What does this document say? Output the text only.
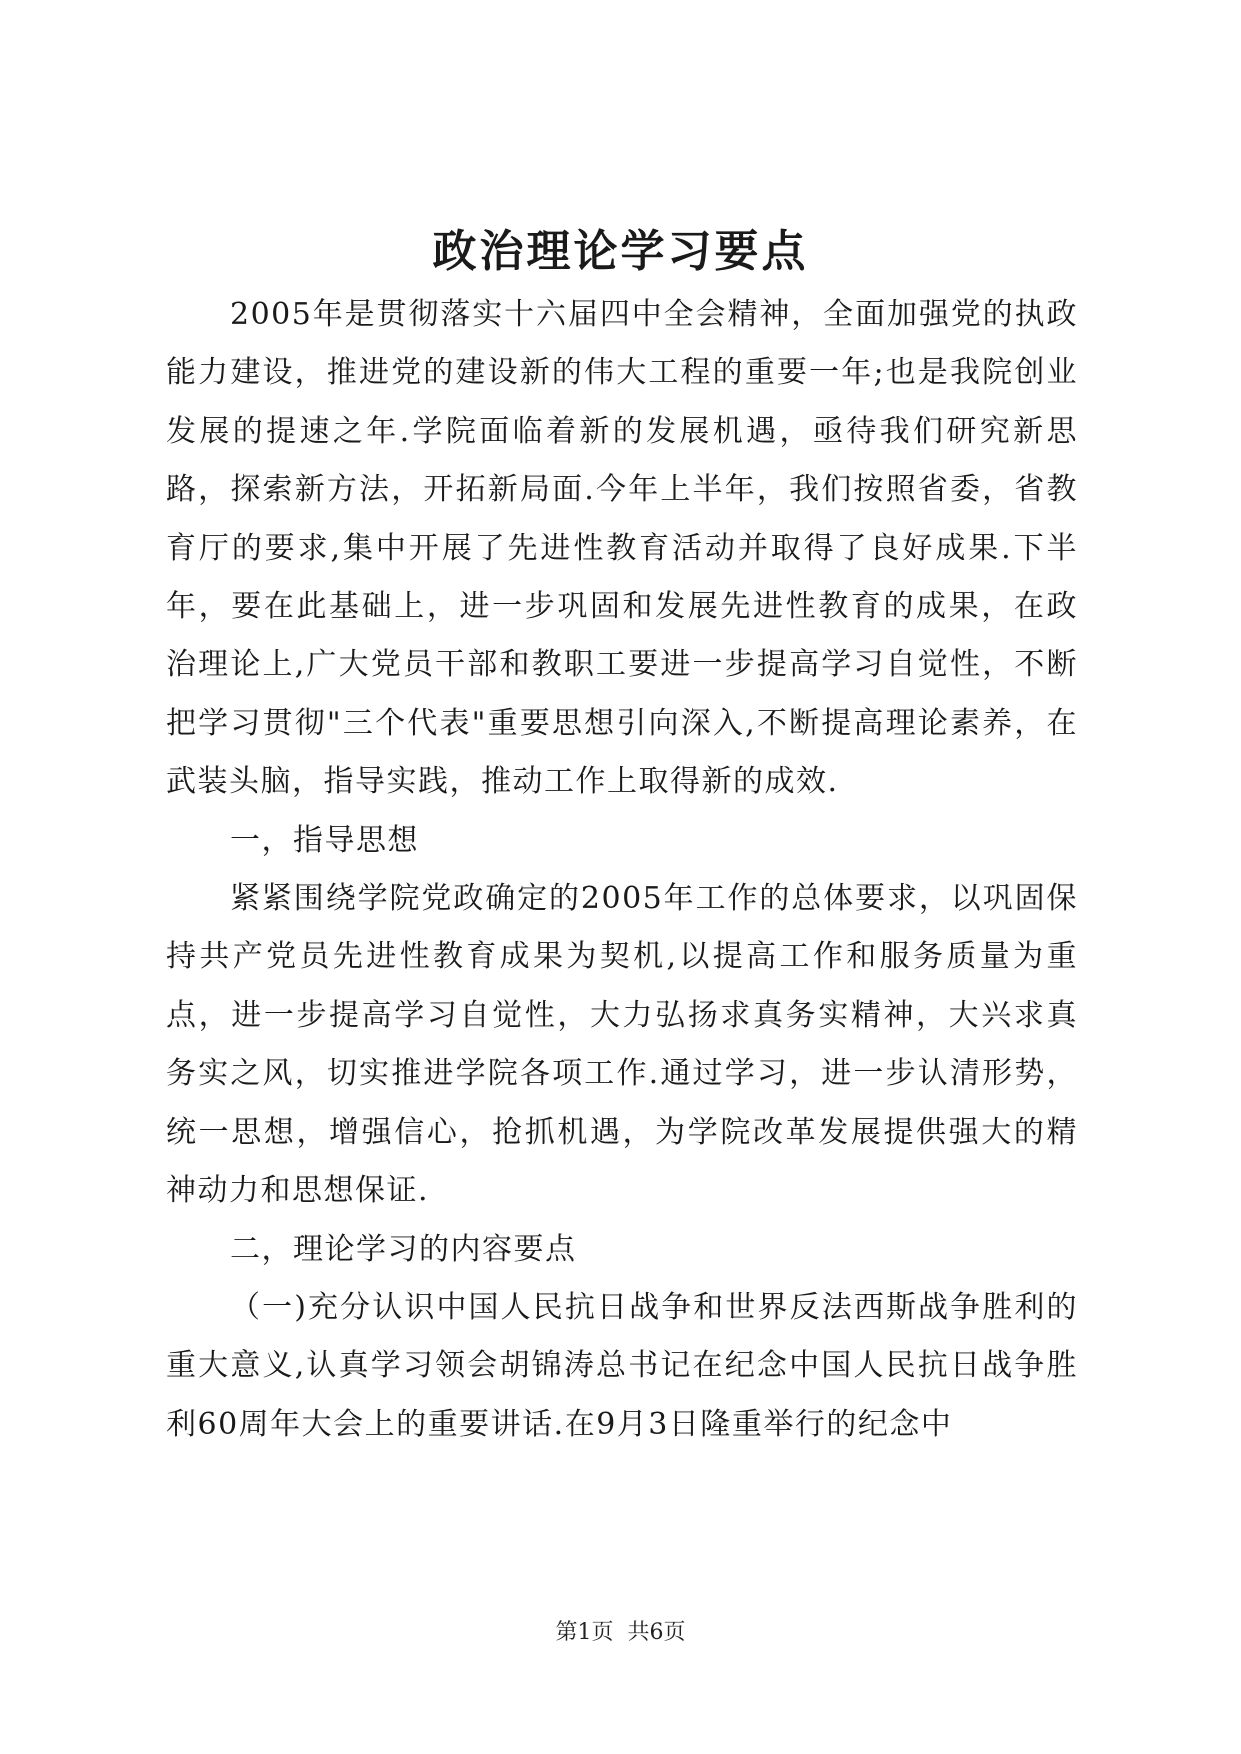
政治理论学习要点

2005年是贯彻落实十六届四中全会精神，全面加强党的执政能力建设，推进党的建设新的伟大工程的重要一年;也是我院创业发展的提速之年.学院面临着新的发展机遇，亟待我们研究新思路，探索新方法，开拓新局面.今年上半年，我们按照省委，省教育厅的要求,集中开展了先进性教育活动并取得了良好成果.下半年，要在此基础上，进一步巩固和发展先进性教育的成果，在政治理论上,广大党员干部和教职工要进一步提高学习自觉性，不断把学习贯彻"三个代表"重要思想引向深入,不断提高理论素养，在武装头脑，指导实践，推动工作上取得新的成效.

一，指导思想

紧紧围绕学院党政确定的2005年工作的总体要求，以巩固保持共产党员先进性教育成果为契机,以提高工作和服务质量为重点，进一步提高学习自觉性，大力弘扬求真务实精神，大兴求真务实之风，切实推进学院各项工作.通过学习，进一步认清形势，统一思想，增强信心，抢抓机遇，为学院改革发展提供强大的精神动力和思想保证.

二，理论学习的内容要点

（一)充分认识中国人民抗日战争和世界反法西斯战争胜利的重大意义,认真学习领会胡锦涛总书记在纪念中国人民抗日战争胜利60周年大会上的重要讲话.在9月3日隆重举行的纪念中

第1页  共6页
